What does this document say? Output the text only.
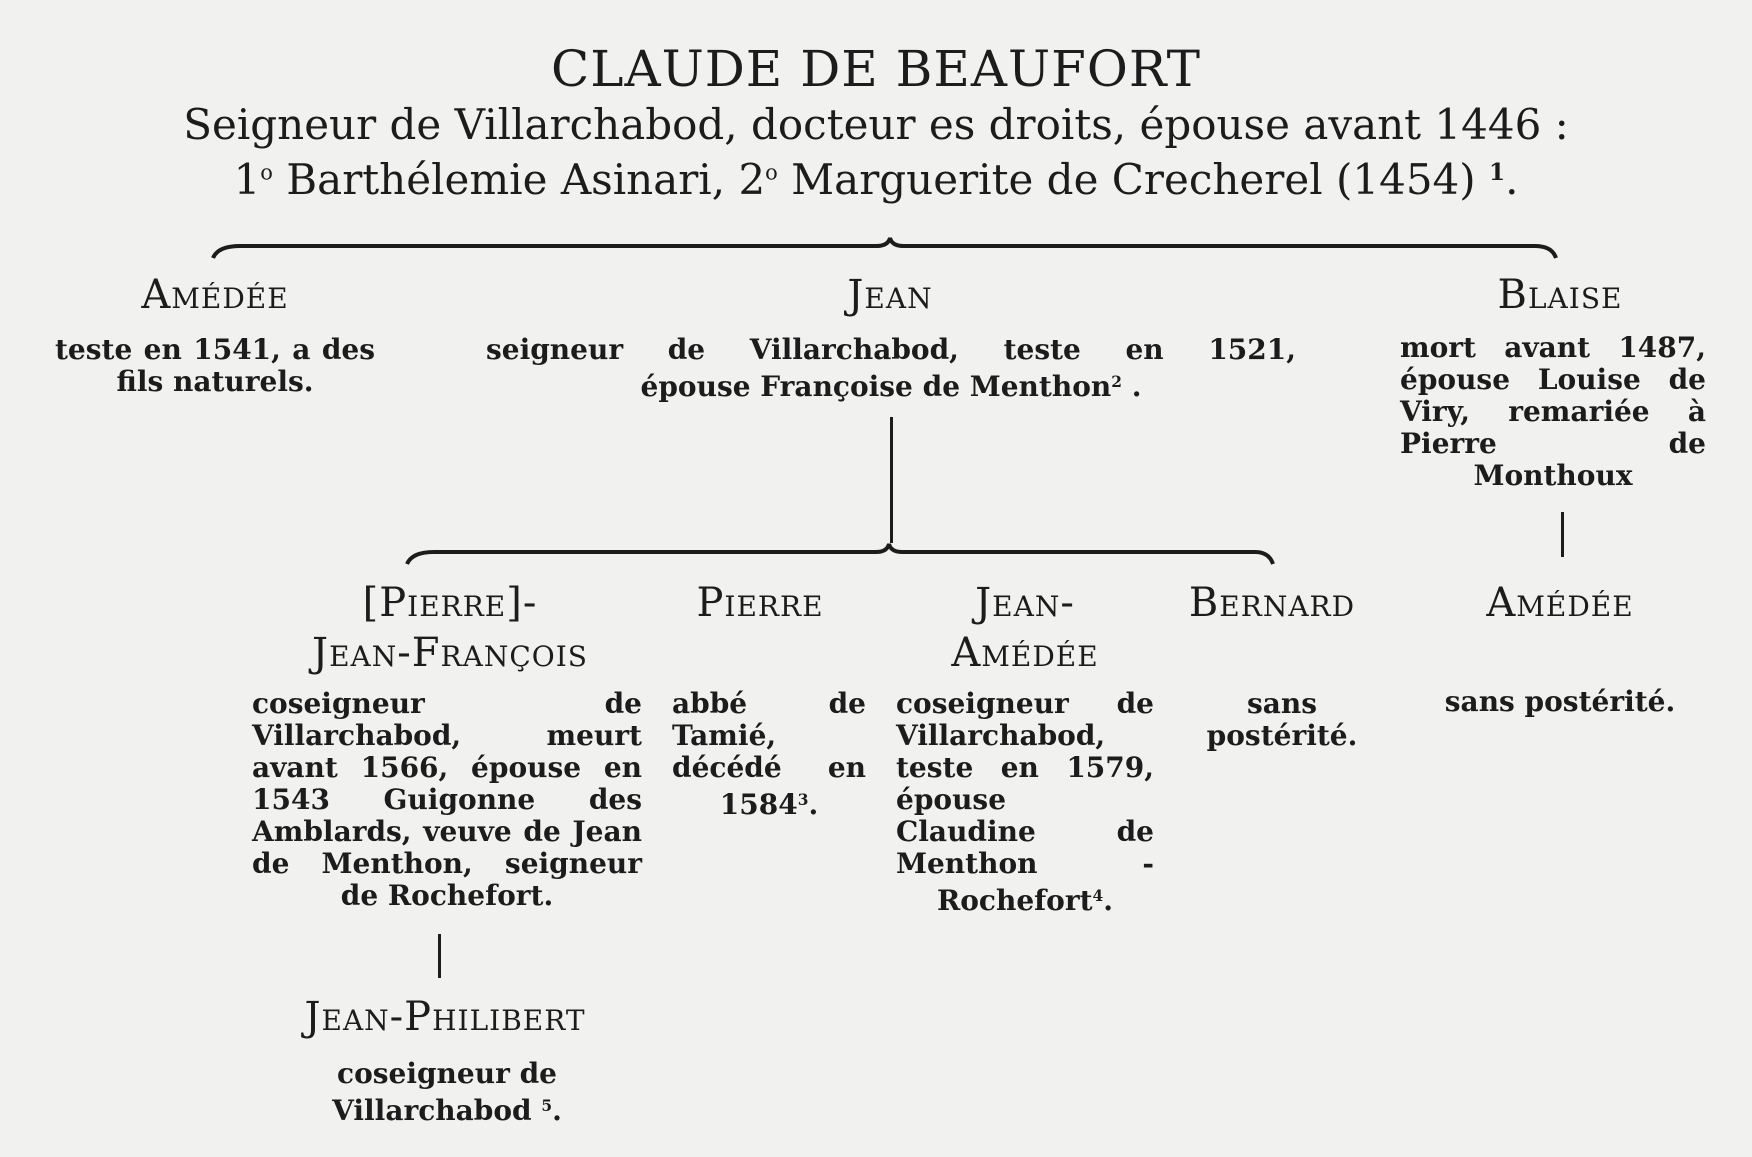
CLAUDE DE BEAUFORT
Seigneur de Villarchabod, docteur es droits, épouse avant 1446 :
1$^o$ Barthélemie Asinari, 2$^o$ Marguerite de Crecherel (1454) $^1$.
Amédée
teste en 1541, a des fils naturels.
Jean
seigneur de Villarchabod, teste en 1521,
épouse Françoise de Menthon$^2$ .
Blaise
mort avant 1487, épouse Louise de Viry, remariée à Pierre de Monthoux
[Pierre]-
Jean-François
coseigneur de Villarchabod, meurt avant 1566, épouse en 1543 Guigonne des Amblards, veuve de Jean de Menthon, seigneur de Rochefort.
Pierre
abbé de Tamié, décédé en 1584$^3$.
Jean-
Amédée
coseigneur de Villarchabod, teste en 1579, épouse Claudine de Menthon - Rochefort$^4$.
Bernard
sans postérité.
Amédée
sans postérité.
Jean-Philibert
coseigneur de Villarchabod $^5$.
